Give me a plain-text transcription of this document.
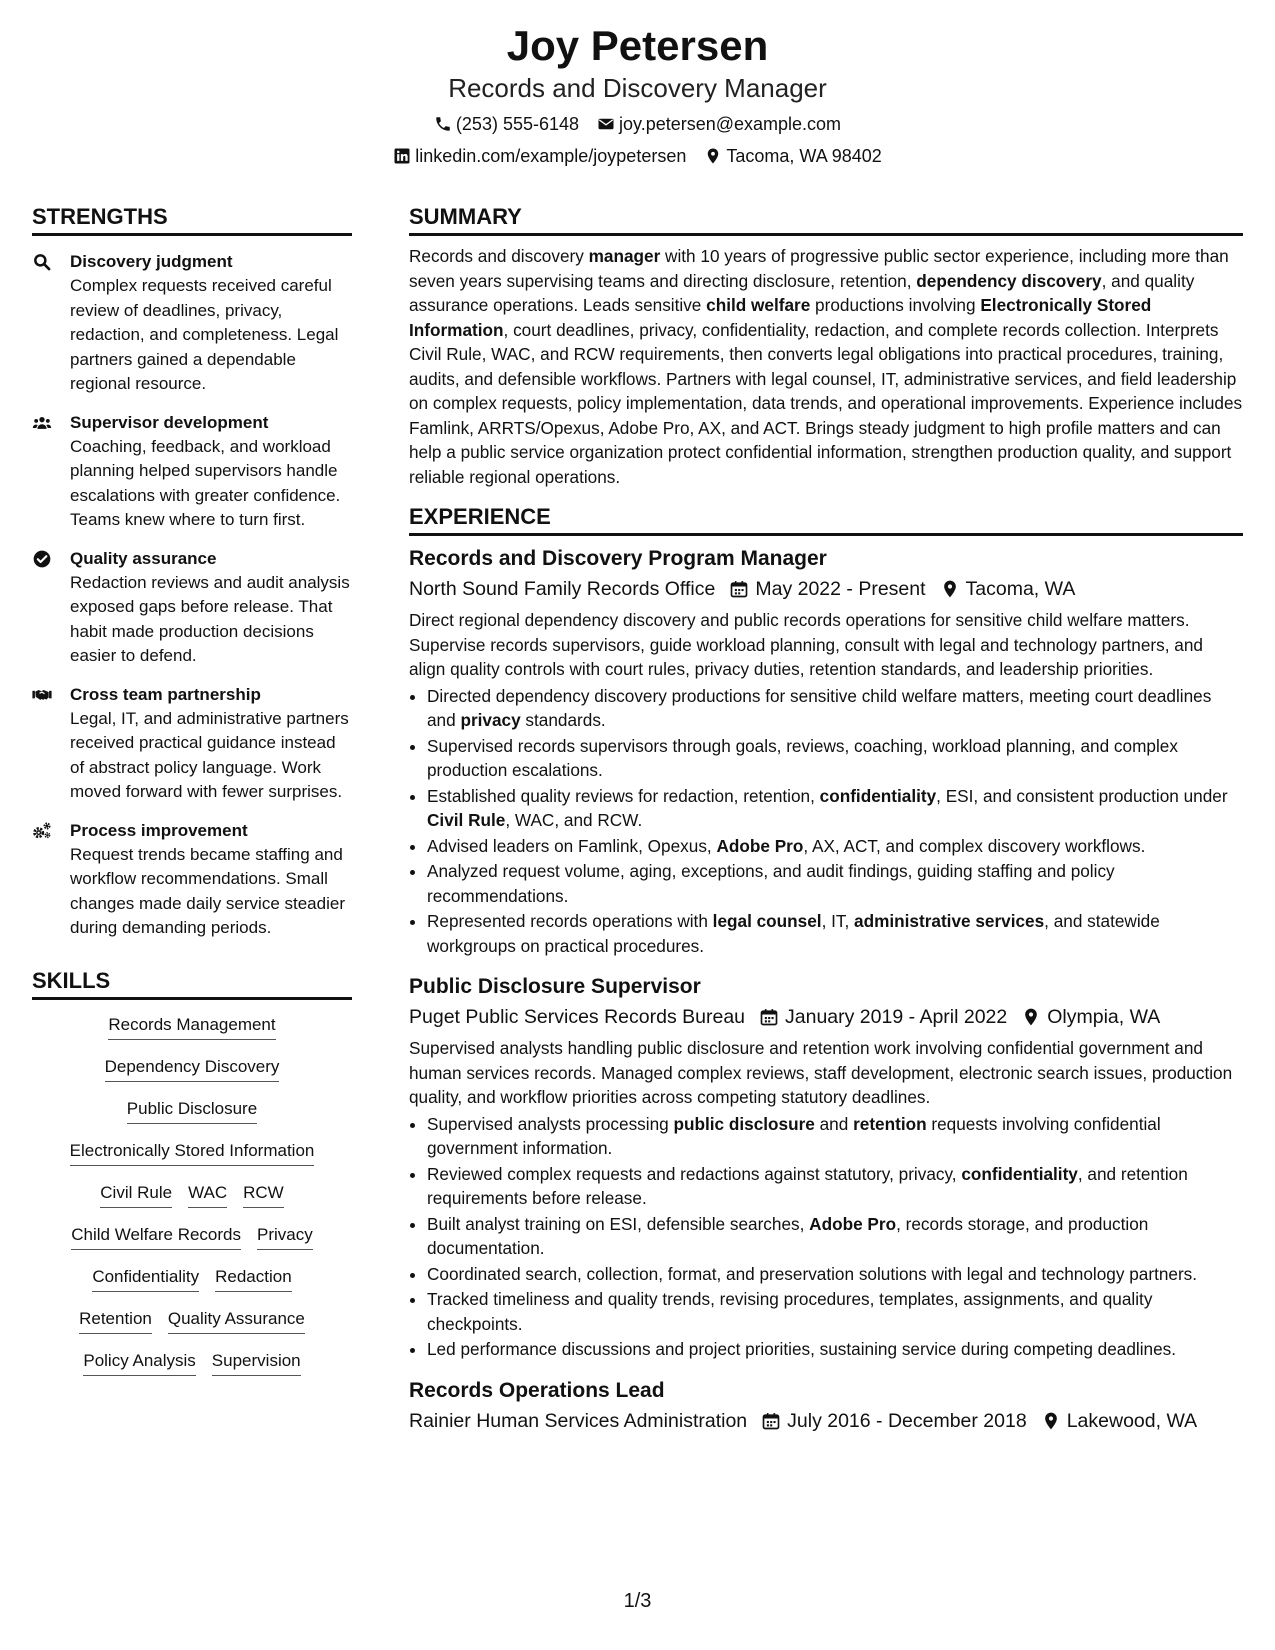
Joy Petersen
Records and Discovery Manager
(253) 555-6148 joy.petersen@example.com
linkedin.com/example/joypetersen Tacoma, WA 98402
STRENGTHS
Discovery judgment
Complex requests received careful review of deadlines, privacy, redaction, and completeness. Legal partners gained a dependable regional resource.
Supervisor development
Coaching, feedback, and workload planning helped supervisors handle escalations with greater confidence. Teams knew where to turn first.
Quality assurance
Redaction reviews and audit analysis exposed gaps before release. That habit made production decisions easier to defend.
Cross team partnership
Legal, IT, and administrative partners received practical guidance instead of abstract policy language. Work moved forward with fewer surprises.
Process improvement
Request trends became staffing and workflow recommendations. Small changes made daily service steadier during demanding periods.
SKILLS
Records Management
Dependency Discovery
Public Disclosure
Electronically Stored Information
Civil Rule WAC RCW
Child Welfare Records Privacy
Confidentiality Redaction
Retention Quality Assurance
Policy Analysis Supervision
SUMMARY
Records and discovery manager with 10 years of progressive public sector experience, including more than seven years supervising teams and directing disclosure, retention, dependency discovery, and quality assurance operations. Leads sensitive child welfare productions involving Electronically Stored Information, court deadlines, privacy, confidentiality, redaction, and complete records collection. Interprets Civil Rule, WAC, and RCW requirements, then converts legal obligations into practical procedures, training, audits, and defensible workflows. Partners with legal counsel, IT, administrative services, and field leadership on complex requests, policy implementation, data trends, and operational improvements. Experience includes Famlink, ARRTS/Opexus, Adobe Pro, AX, and ACT. Brings steady judgment to high profile matters and can help a public service organization protect confidential information, strengthen production quality, and support reliable regional operations.
EXPERIENCE
Records and Discovery Program Manager
North Sound Family Records Office May 2022 - Present Tacoma, WA
Direct regional dependency discovery and public records operations for sensitive child welfare matters. Supervise records supervisors, guide workload planning, consult with legal and technology partners, and align quality controls with court rules, privacy duties, retention standards, and leadership priorities.
• Directed dependency discovery productions for sensitive child welfare matters, meeting court deadlines and privacy standards.
• Supervised records supervisors through goals, reviews, coaching, workload planning, and complex production escalations.
• Established quality reviews for redaction, retention, confidentiality, ESI, and consistent production under Civil Rule, WAC, and RCW.
• Advised leaders on Famlink, Opexus, Adobe Pro, AX, ACT, and complex discovery workflows.
• Analyzed request volume, aging, exceptions, and audit findings, guiding staffing and policy recommendations.
• Represented records operations with legal counsel, IT, administrative services, and statewide workgroups on practical procedures.
Public Disclosure Supervisor
Puget Public Services Records Bureau January 2019 - April 2022 Olympia, WA
Supervised analysts handling public disclosure and retention work involving confidential government and human services records. Managed complex reviews, staff development, electronic search issues, production quality, and workflow priorities across competing statutory deadlines.
• Supervised analysts processing public disclosure and retention requests involving confidential government information.
• Reviewed complex requests and redactions against statutory, privacy, confidentiality, and retention requirements before release.
• Built analyst training on ESI, defensible searches, Adobe Pro, records storage, and production documentation.
• Coordinated search, collection, format, and preservation solutions with legal and technology partners.
• Tracked timeliness and quality trends, revising procedures, templates, assignments, and quality checkpoints.
• Led performance discussions and project priorities, sustaining service during competing deadlines.
Records Operations Lead
Rainier Human Services Administration July 2016 - December 2018 Lakewood, WA
1/3
